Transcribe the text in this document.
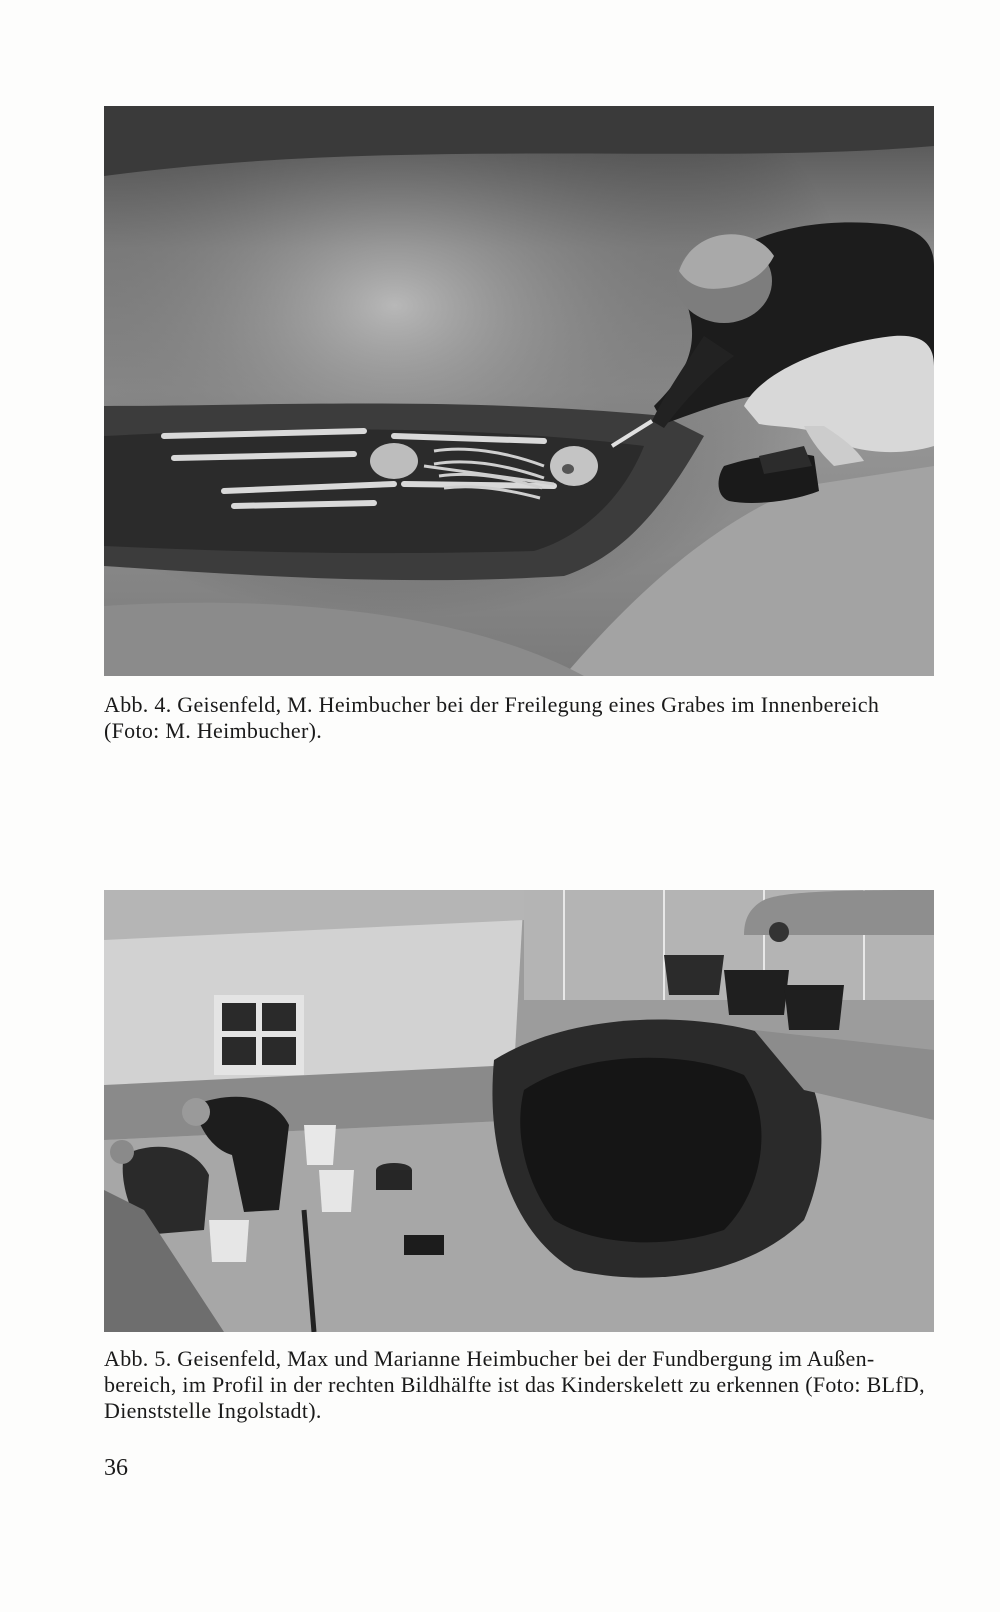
Abb. 4. Geisenfeld, M. Heimbucher bei der Freilegung eines Grabes im Innenbereich
(Foto: M. Heimbucher).

Abb. 5. Geisenfeld, Max und Marianne Heimbucher bei der Fundbergung im Außen-
bereich, im Profil in der rechten Bildhälfte ist das Kinderskelett zu erkennen (Foto: BLfD,
Dienststelle Ingolstadt).

36
